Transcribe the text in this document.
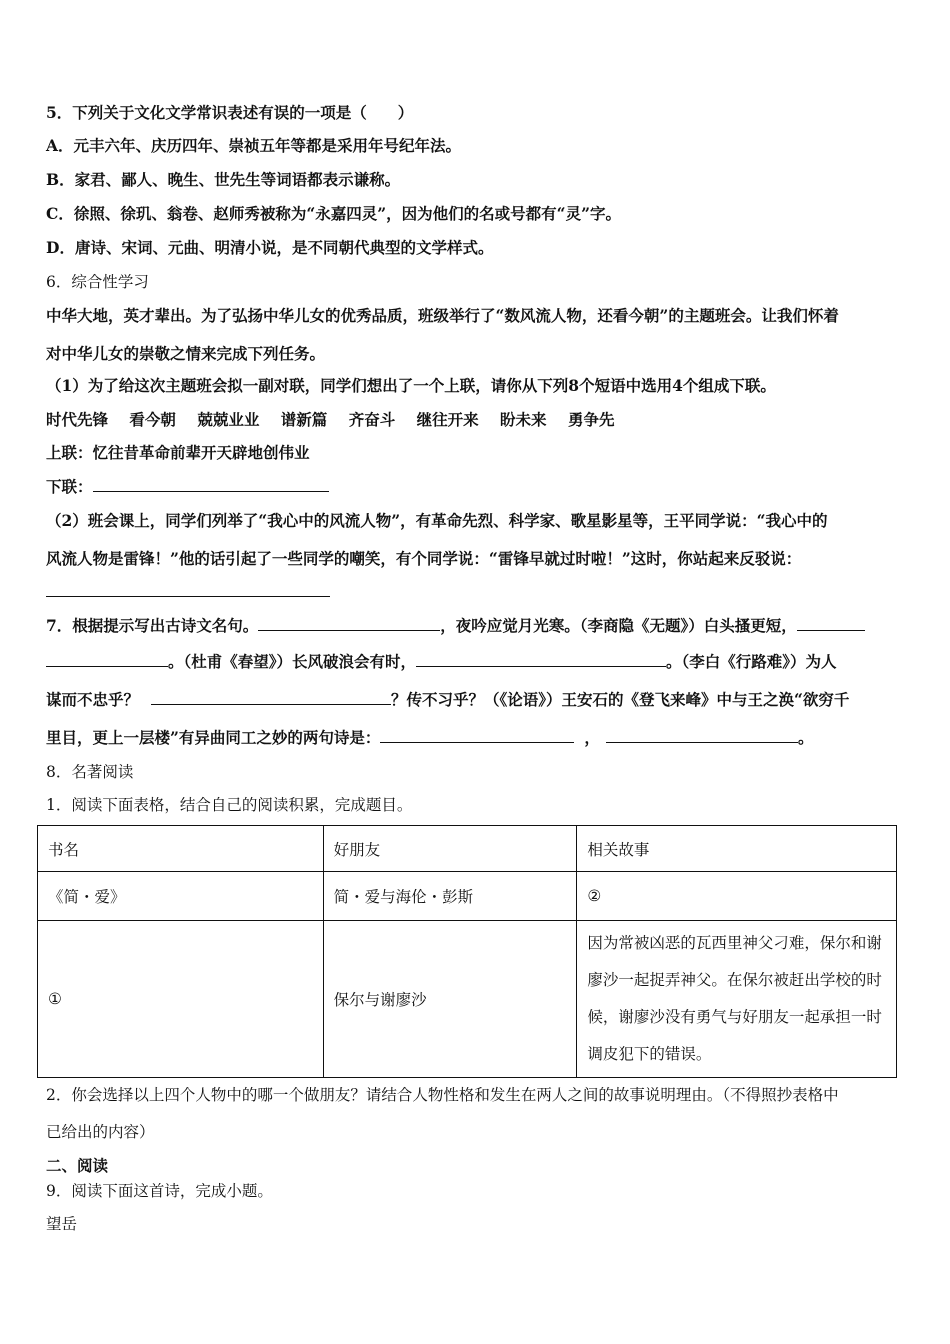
5．下列关于文化文学常识表述有误的一项是（　　）
A．元丰六年、庆历四年、崇祯五年等都是采用年号纪年法。
B．家君、鄙人、晚生、世先生等词语都表示谦称。
C．徐照、徐玑、翁卷、赵师秀被称为“永嘉四灵”，因为他们的名或号都有“灵”字。
D．唐诗、宋词、元曲、明清小说，是不同朝代典型的文学样式。
6．综合性学习
中华大地，英才辈出。为了弘扬中华儿女的优秀品质，班级举行了“数风流人物，还看今朝”的主题班会。让我们怀着
对中华儿女的崇敬之情来完成下列任务。
（1）为了给这次主题班会拟一副对联，同学们想出了一个上联，请你从下列8个短语中选用4个组成下联。
时代先锋 看今朝 兢兢业业 谱新篇 齐奋斗 继往开来 盼未来 勇争先
上联：忆往昔革命前辈开天辟地创伟业
下联：
（2）班会课上，同学们列举了“我心中的风流人物”，有革命先烈、科学家、歌星影星等，王平同学说：“我心中的
风流人物是雷锋！”他的话引起了一些同学的嘲笑，有个同学说：“雷锋早就过时啦！”这时，你站起来反驳说：
7．根据提示写出古诗文名句。	，夜吟应觉月光寒。（李商隐《无题》）白头搔更短，
。（杜甫《春望》）长风破浪会有时，	。（李白《行路难》）为人
谋而不忠乎？	？传不习乎？（《论语》）王安石的《登飞来峰》中与王之涣“欲穷千
里目，更上一层楼”有异曲同工之妙的两句诗是：	，	。
8．名著阅读
1．阅读下面表格，结合自己的阅读积累，完成题目。
书名	好朋友	相关故事
《简・爱》	简・爱与海伦・彭斯	②
①	保尔与谢廖沙	因为常被凶恶的瓦西里神父刁难，保尔和谢廖沙一起捉弄神父。在保尔被赶出学校的时候，谢廖沙没有勇气与好朋友一起承担一时调皮犯下的错误。
2．你会选择以上四个人物中的哪一个做朋友？请结合人物性格和发生在两人之间的故事说明理由。（不得照抄表格中
已给出的内容）
二、阅读
9．阅读下面这首诗，完成小题。
望岳
